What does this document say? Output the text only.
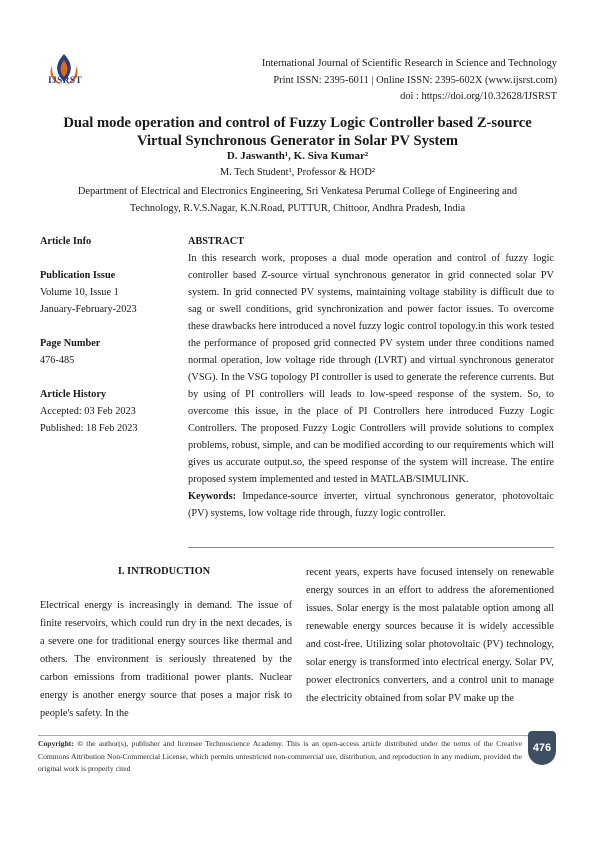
IJSRST
International Journal of Scientific Research in Science and Technology
Print ISSN: 2395-6011 | Online ISSN: 2395-602X (www.ijsrst.com)
doi : https://doi.org/10.32628/IJSRST
Dual mode operation and control of Fuzzy Logic Controller based Z-source
Virtual Synchronous Generator in Solar PV System
D. Jaswanth¹, K. Siva Kumar²
M. Tech Student¹, Professor & HOD²
Department of Electrical and Electronics Engineering, Sri Venkatesa Perumal College of Engineering and
Technology, R.V.S.Nagar, K.N.Road, PUTTUR, Chittoor, Andhra Pradesh, India
Article Info
Publication Issue
Volume 10, Issue 1
January-February-2023
Page Number
476-485
Article History
Accepted: 03 Feb 2023
Published: 18 Feb 2023
ABSTRACT

In this research work, proposes a dual mode operation and control of fuzzy logic controller based Z-source virtual synchronous generator in grid connected solar PV system. In grid connected PV systems, maintaining voltage stability is difficult due to sag or swell conditions, grid synchronization and power factor issues. To overcome these drawbacks here introduced a novel fuzzy logic control topology.in this work tested the performance of proposed grid connected PV system under three conditions named normal operation, low voltage ride through (LVRT) and virtual synchronous generator (VSG). In the VSG topology PI controller is used to generate the reference currents. But by using of PI controllers will leads to low-speed response of the system. So, to overcome this issue, in the place of PI Controllers here introduced Fuzzy Logic Controllers. The proposed Fuzzy Logic Controllers will provide solutions to complex problems, robust, simple, and can be modified according to our requirements which will gives us accurate output.so, the speed response of the system will increase. The entire proposed system implemented and tested in MATLAB/SIMULINK.

Keywords: Impedance-source inverter, virtual synchronous generator, photovoltaic (PV) systems, low voltage ride through, fuzzy logic controller.
I. INTRODUCTION
Electrical energy is increasingly in demand. The issue of finite reservoirs, which could run dry in the next decades, is a severe one for traditional energy sources like thermal and others. The environment is seriously threatened by the carbon emissions from traditional power plants. Nuclear energy is another energy source that poses a major risk to people's safety. In the
recent years, experts have focused intensely on renewable energy sources in an effort to address the aforementioned issues. Solar energy is the most palatable option among all renewable energy sources because it is widely accessible and cost-free. Utilizing solar photovoltaic (PV) technology, solar energy is transformed into electrical energy. Solar PV, power electronics converters, and a control unit to manage the electricity obtained from solar PV make up the
Copyright: © the author(s), publisher and licensee Technoscience Academy. This is an open-access article distributed under the terms of the Creative Commons Attribution Non-Commercial License, which permits unrestricted non-commercial use, distribution, and reproduction in any medium, provided the original work is properly cited
476
